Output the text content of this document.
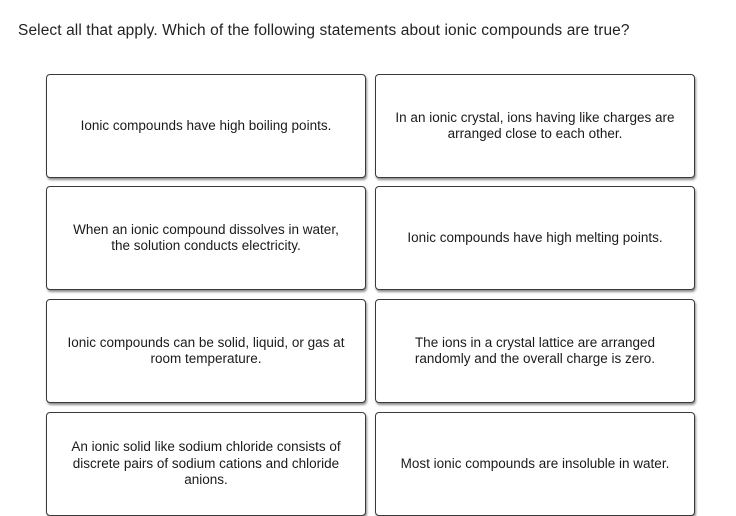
Select all that apply. Which of the following statements about ionic compounds are true?
Ionic compounds have high boiling points.
In an ionic crystal, ions having like charges are arranged close to each other.
When an ionic compound dissolves in water, the solution conducts electricity.
Ionic compounds have high melting points.
Ionic compounds can be solid, liquid, or gas at room temperature.
The ions in a crystal lattice are arranged randomly and the overall charge is zero.
An ionic solid like sodium chloride consists of discrete pairs of sodium cations and chloride anions.
Most ionic compounds are insoluble in water.
